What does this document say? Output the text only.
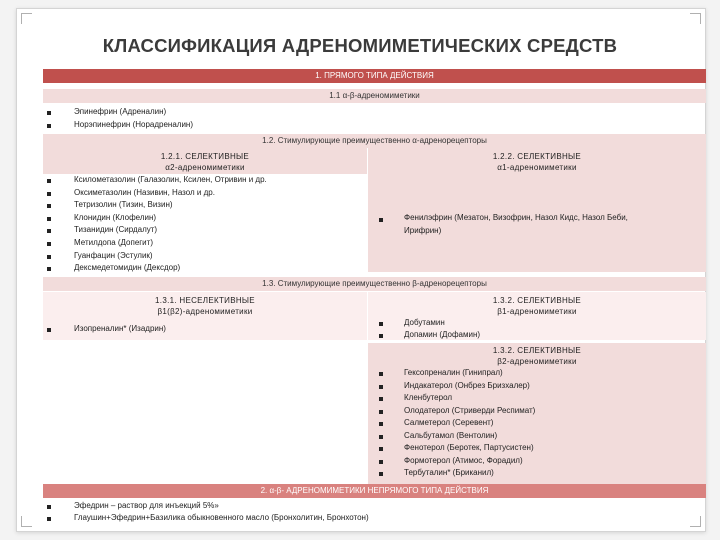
КЛАССИФИКАЦИЯ АДРЕНОМИМЕТИЧЕСКИХ СРЕДСТВ
1. ПРЯМОГО ТИПА ДЕЙСТВИЯ
1.1 α-β-адреномиметики
Эпинефрин (Адреналин)
Норэпинефрин (Норадреналин)
1.2. Стимулирующие преимущественно α-адренорецепторы
1.2.1. СЕЛЕКТИВНЫЕ
α2-адреномиметики
1.2.2. СЕЛЕКТИВНЫЕ
α1-адреномиметики
Ксилометазолин (Галазолин, Ксилен, Отривин и др.
Оксиметазолин (Називин, Назол и др.
Тетризолин (Тизин, Визин)
Клонидин (Клофелин)
Тизанидин (Сирдалут)
Метилдопа (Допегит)
Гуанфацин (Эстулик)
Дексмедетомидин (Дексдор)
Фенилэфрин (Мезатон, Визофрин, Назол Кидс, Назол Беби,
Ирифрин)
1.3. Стимулирующие преимущественно β-адренорецепторы
1.3.1. НЕСЕЛЕКТИВНЫЕ
β1(β2)-адреномиметики
1.3.2. СЕЛЕКТИВНЫЕ
β1-адреномиметики
Изопреналин* (Изадрин)
Добутамин
Допамин (Дофамин)
1.3.2. СЕЛЕКТИВНЫЕ
β2-адреномиметики
Гексопреналин (Гинипрал)
Индакатерол (Онбрез Бризхалер)
Кленбутерол
Олодатерол (Стриверди Респимат)
Салметерол (Серевент)
Сальбутамол (Вентолин)
Фенотерол (Беротек, Партусистен)
Формотерол (Атимос, Форадил)
Тербуталин* (Бриканил)
2. α-β- АДРЕНОМИМЕТИКИ НЕПРЯМОГО ТИПА ДЕЙСТВИЯ
Эфедрин – раствор для инъекций 5%»
Глаушин+Эфедрин+Базилика обыкновенного масло (Бронхолитин, Бронхотон)
